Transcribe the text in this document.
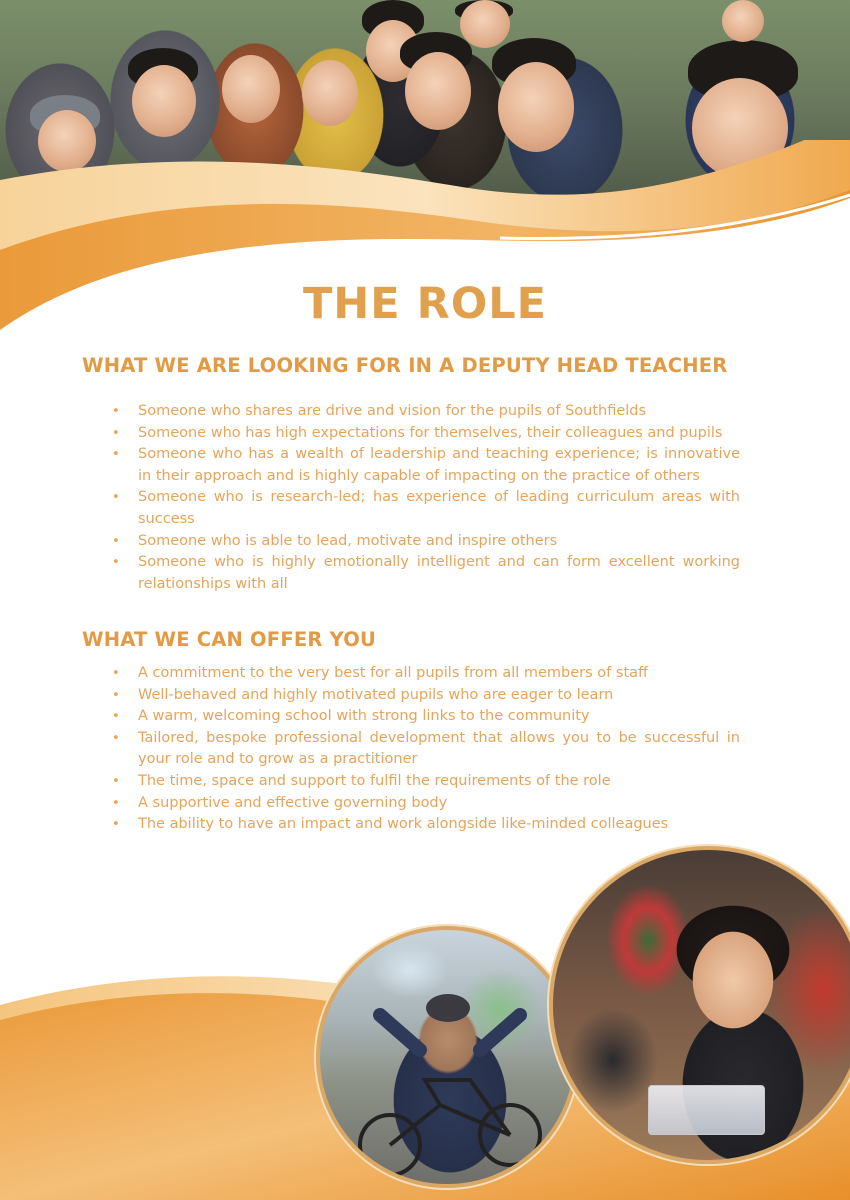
THE ROLE
WHAT WE ARE LOOKING FOR IN A DEPUTY HEAD TEACHER
• Someone who shares are drive and vision for the pupils of Southfields
• Someone who has high expectations for themselves, their colleagues and pupils
• Someone who has a wealth of leadership and teaching experience; is innovative in their approach and is highly capable of impacting on the practice of others
• Someone who is research-led; has experience of leading curriculum areas with success
• Someone who is able to lead, motivate and inspire others
• Someone who is highly emotionally intelligent and can form excellent working relationships with all
WHAT WE CAN OFFER YOU
• A commitment to the very best for all pupils from all members of staff
• Well-behaved and highly motivated pupils who are eager to learn
• A warm, welcoming school with strong links to the community
• Tailored, bespoke professional development that allows you to be successful in your role and to grow as a practitioner
• The time, space and support to fulfil the requirements of the role
• A supportive and effective governing body
• The ability to have an impact and work alongside like-minded colleagues
